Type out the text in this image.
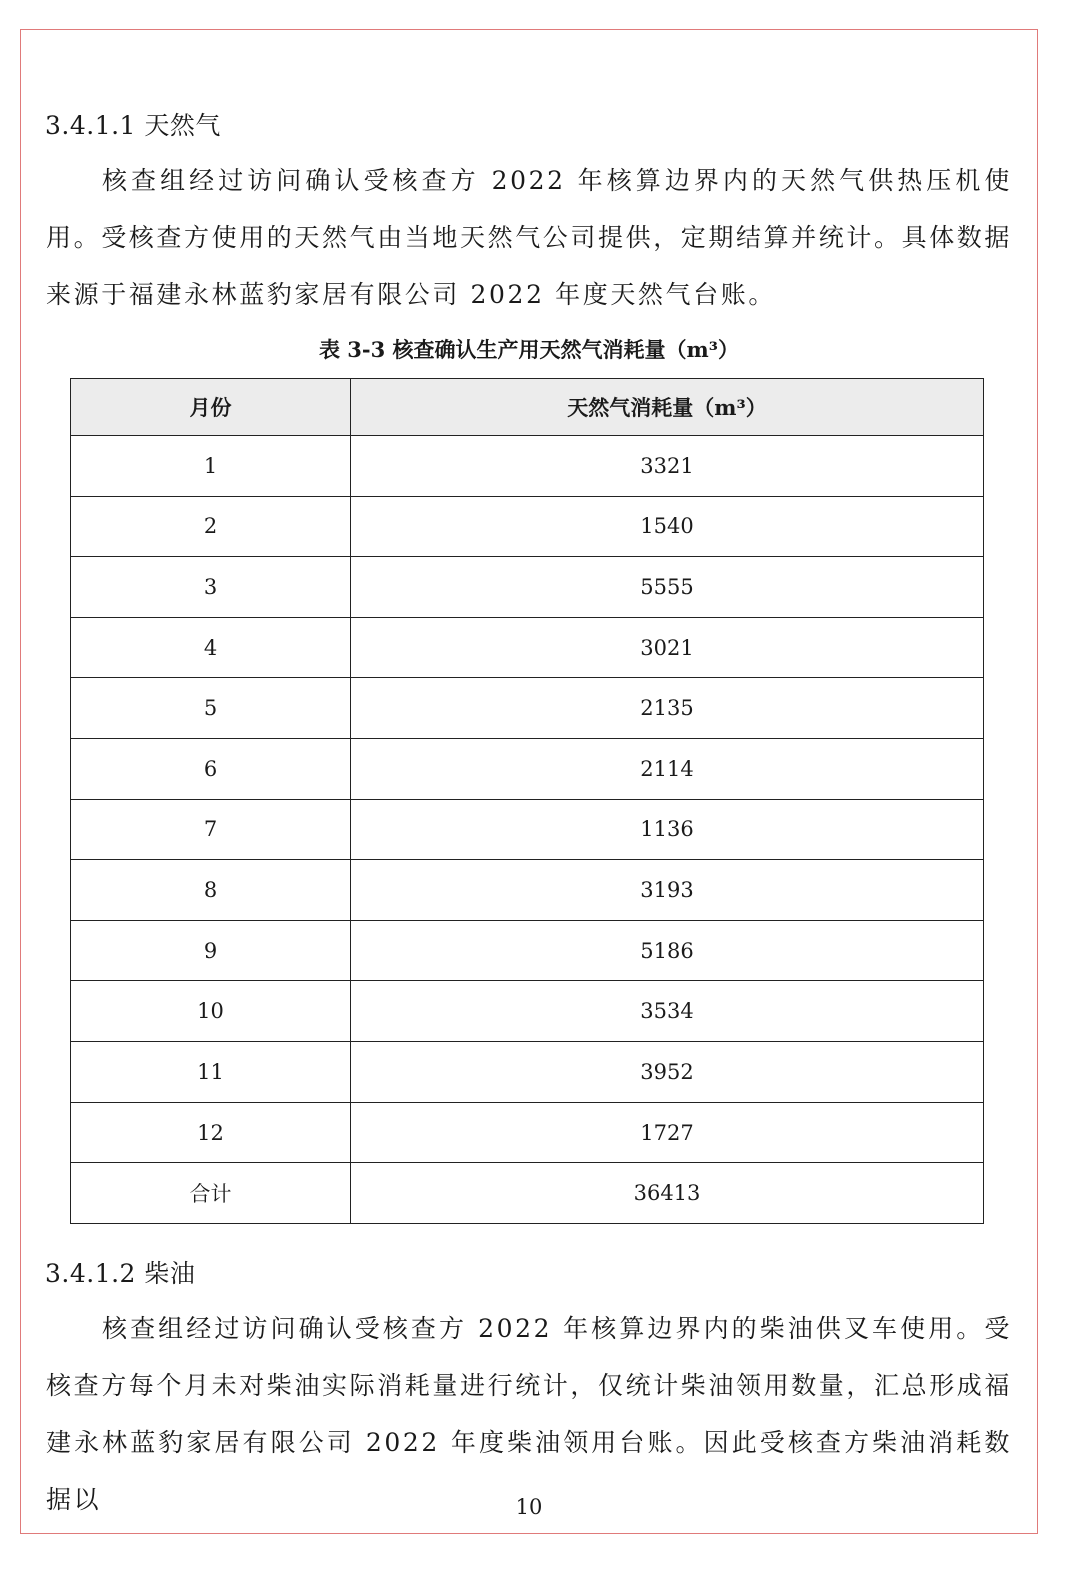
3.4.1.1 天然气

核查组经过访问确认受核查方 2022 年核算边界内的天然气供热压机使用。受核查方使用的天然气由当地天然气公司提供，定期结算并统计。具体数据来源于福建永林蓝豹家居有限公司 2022 年度天然气台账。

表 3-3 核查确认生产用天然气消耗量（m³）
月份	天然气消耗量（m³）
1	3321
2	1540
3	5555
4	3021
5	2135
6	2114
7	1136
8	3193
9	5186
10	3534
11	3952
12	1727
合计	36413
3.4.1.2 柴油

核查组经过访问确认受核查方 2022 年核算边界内的柴油供叉车使用。受核查方每个月未对柴油实际消耗量进行统计，仅统计柴油领用数量，汇总形成福建永林蓝豹家居有限公司 2022 年度柴油领用台账。因此受核查方柴油消耗数据以	10
